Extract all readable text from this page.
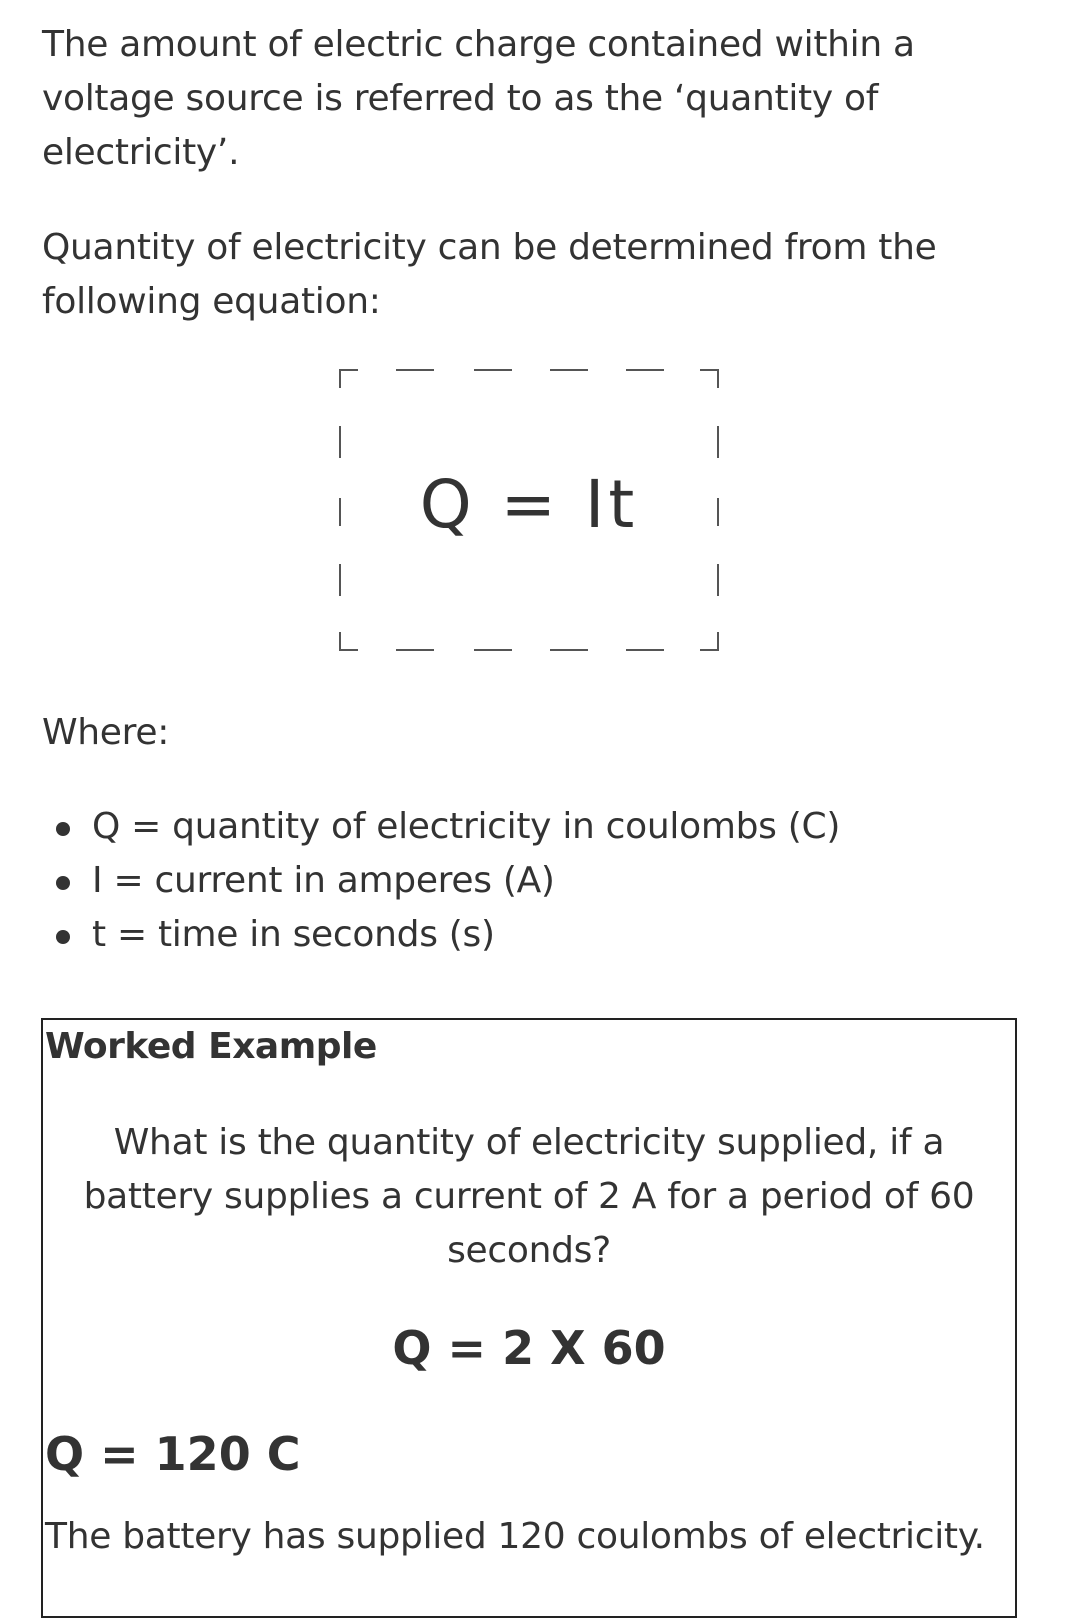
The amount of electric charge contained within a voltage source is referred to as the ‘quantity of electricity’.

Quantity of electricity can be determined from the following equation:

Q = It

Where:

Q = quantity of electricity in coulombs (C)
I = current in amperes (A)
t = time in seconds (s)
Worked Example
What is the quantity of electricity supplied, if a battery supplies a current of 2 A for a period of 60 seconds?
Q = 2 X 60
Q = 120 C
The battery has supplied 120 coulombs of electricity.
